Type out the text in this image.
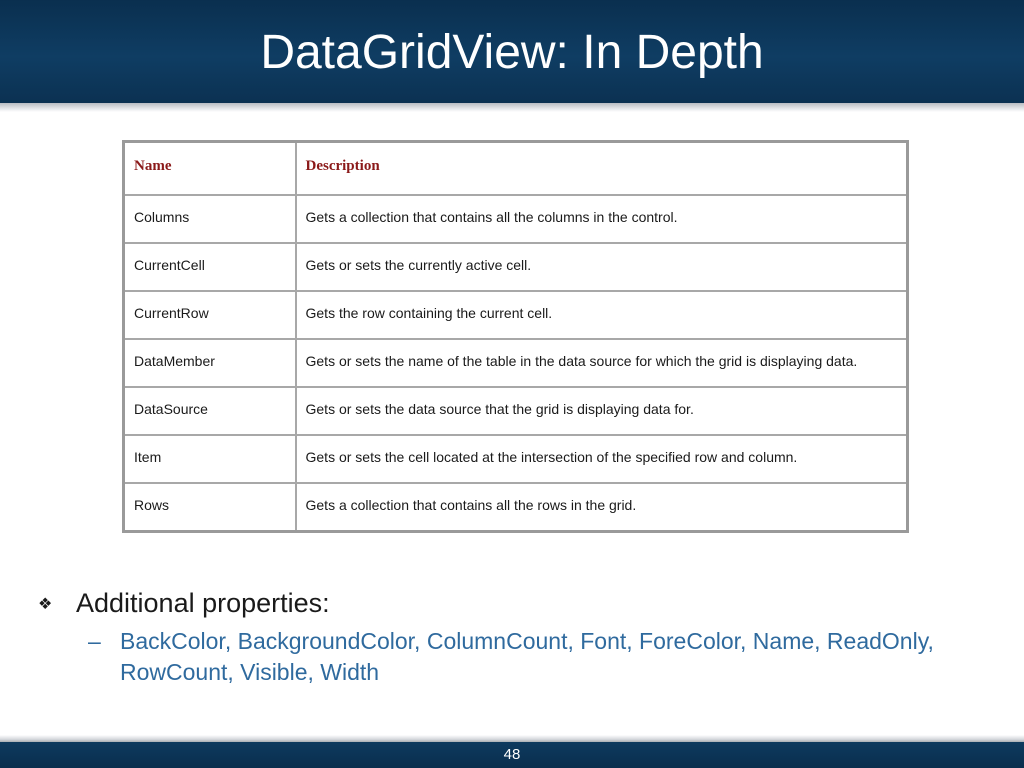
DataGridView: In Depth
Name	Description
Columns	Gets a collection that contains all the columns in the control.
CurrentCell	Gets or sets the currently active cell.
CurrentRow	Gets the row containing the current cell.
DataMember	Gets or sets the name of the table in the data source for which the grid is displaying data.
DataSource	Gets or sets the data source that the grid is displaying data for.
Item	Gets or sets the cell located at the intersection of the specified row and column.
Rows	Gets a collection that contains all the rows in the grid.
❖ Additional properties:
– BackColor, BackgroundColor, ColumnCount, Font, ForeColor, Name, ReadOnly, RowCount, Visible, Width
48
